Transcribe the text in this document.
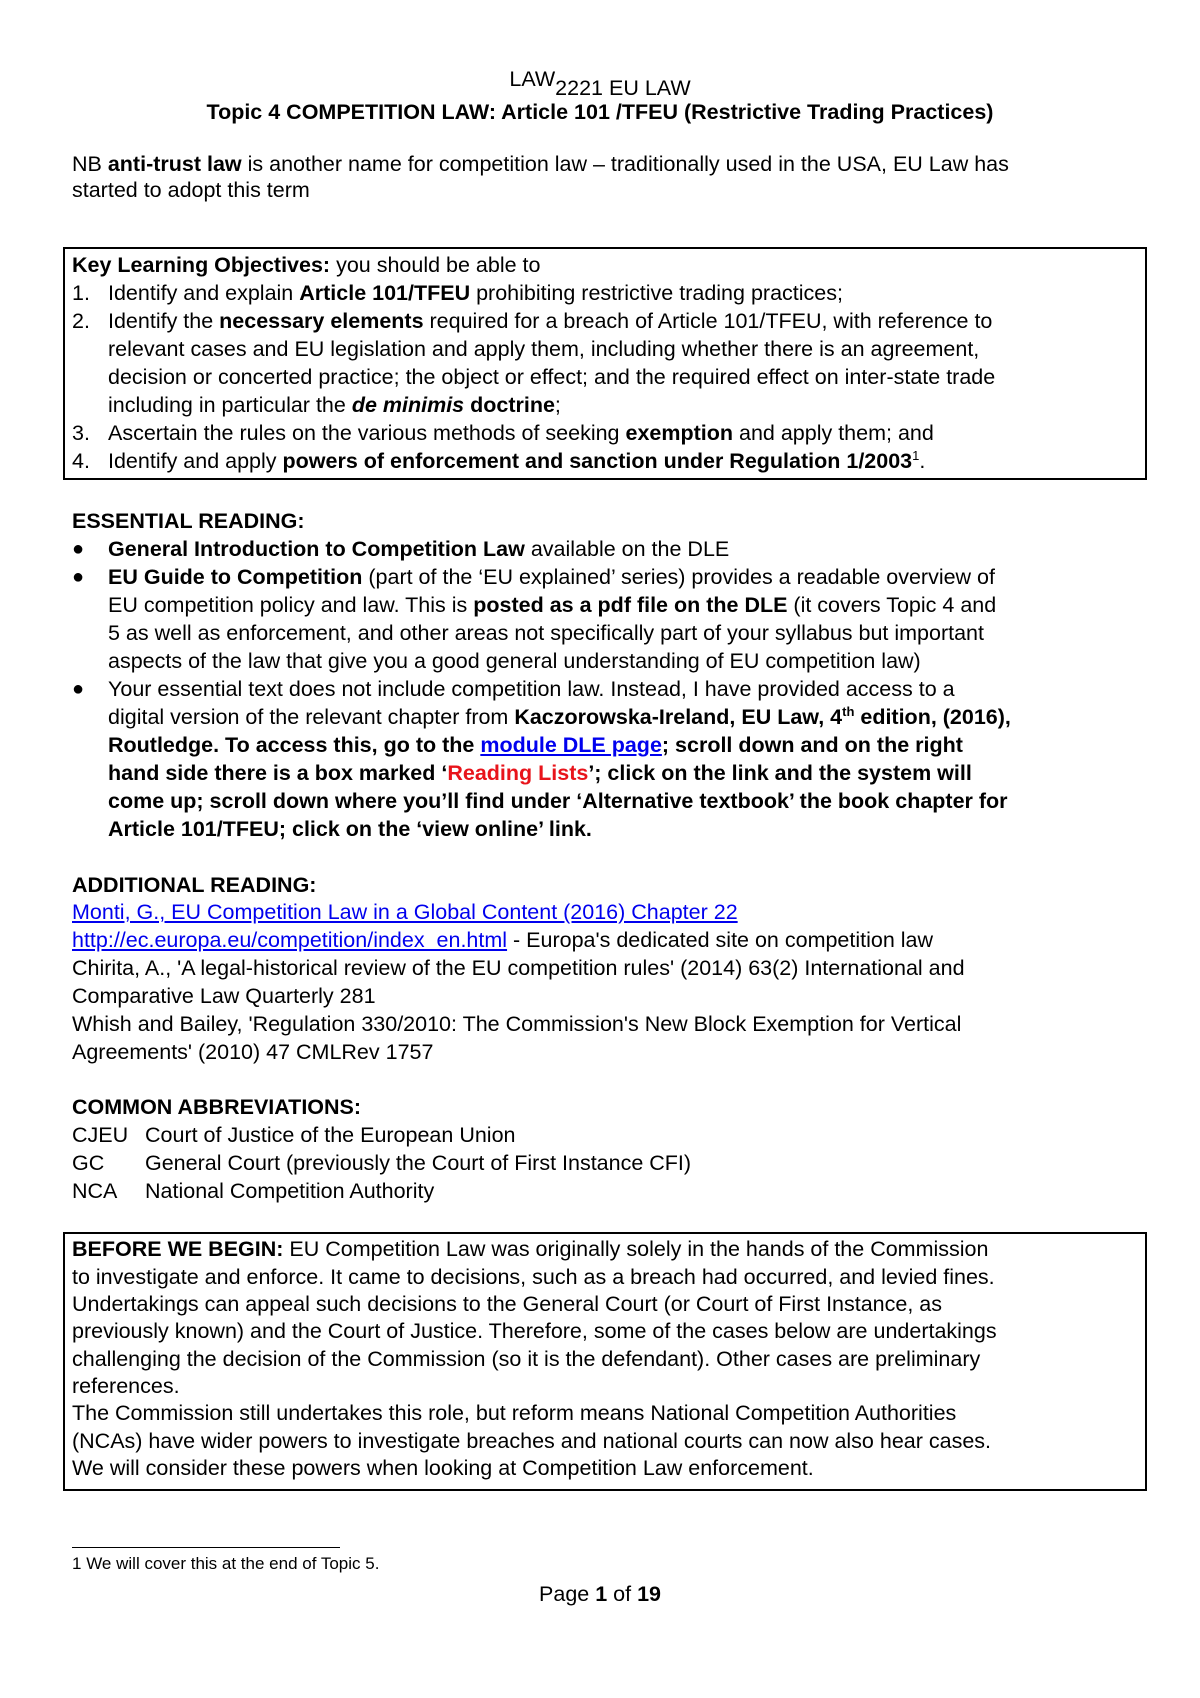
LAW2221 EU LAW
Topic 4 COMPETITION LAW: Article 101 /TFEU (Restrictive Trading Practices)
NB anti-trust law is another name for competition law – traditionally used in the USA, EU Law has
started to adopt this term
Key Learning Objectives: you should be able to
1. Identify and explain Article 101/TFEU prohibiting restrictive trading practices;
2. Identify the necessary elements required for a breach of Article 101/TFEU, with reference to
relevant cases and EU legislation and apply them, including whether there is an agreement,
decision or concerted practice; the object or effect; and the required effect on inter-state trade
including in particular the de minimis doctrine;
3. Ascertain the rules on the various methods of seeking exemption and apply them; and
4. Identify and apply powers of enforcement and sanction under Regulation 1/2003$^1$.
ESSENTIAL READING:
● General Introduction to Competition Law available on the DLE
● EU Guide to Competition (part of the ‘EU explained’ series) provides a readable overview of
EU competition policy and law. This is posted as a pdf file on the DLE (it covers Topic 4 and
5 as well as enforcement, and other areas not specifically part of your syllabus but important
aspects of the law that give you a good general understanding of EU competition law)
● Your essential text does not include competition law. Instead, I have provided access to a
digital version of the relevant chapter from Kaczorowska-Ireland, EU Law, 4th edition, (2016),
Routledge. To access this, go to the module DLE page; scroll down and on the right
hand side there is a box marked ‘Reading Lists’; click on the link and the system will
come up; scroll down where you’ll find under ‘Alternative textbook’ the book chapter for
Article 101/TFEU; click on the ‘view online’ link.
ADDITIONAL READING:
Monti, G., EU Competition Law in a Global Content (2016) Chapter 22
http://ec.europa.eu/competition/index_en.html - Europa's dedicated site on competition law
Chirita, A., 'A legal-historical review of the EU competition rules' (2014) 63(2) International and
Comparative Law Quarterly 281
Whish and Bailey, 'Regulation 330/2010: The Commission's New Block Exemption for Vertical
Agreements' (2010) 47 CMLRev 1757
COMMON ABBREVIATIONS:
CJEU Court of Justice of the European Union
GC General Court (previously the Court of First Instance CFI)
NCA National Competition Authority
BEFORE WE BEGIN: EU Competition Law was originally solely in the hands of the Commission
to investigate and enforce. It came to decisions, such as a breach had occurred, and levied fines.
Undertakings can appeal such decisions to the General Court (or Court of First Instance, as
previously known) and the Court of Justice. Therefore, some of the cases below are undertakings
challenging the decision of the Commission (so it is the defendant). Other cases are preliminary
references.
The Commission still undertakes this role, but reform means National Competition Authorities
(NCAs) have wider powers to investigate breaches and national courts can now also hear cases.
We will consider these powers when looking at Competition Law enforcement.
1 We will cover this at the end of Topic 5.
Page 1 of 19
